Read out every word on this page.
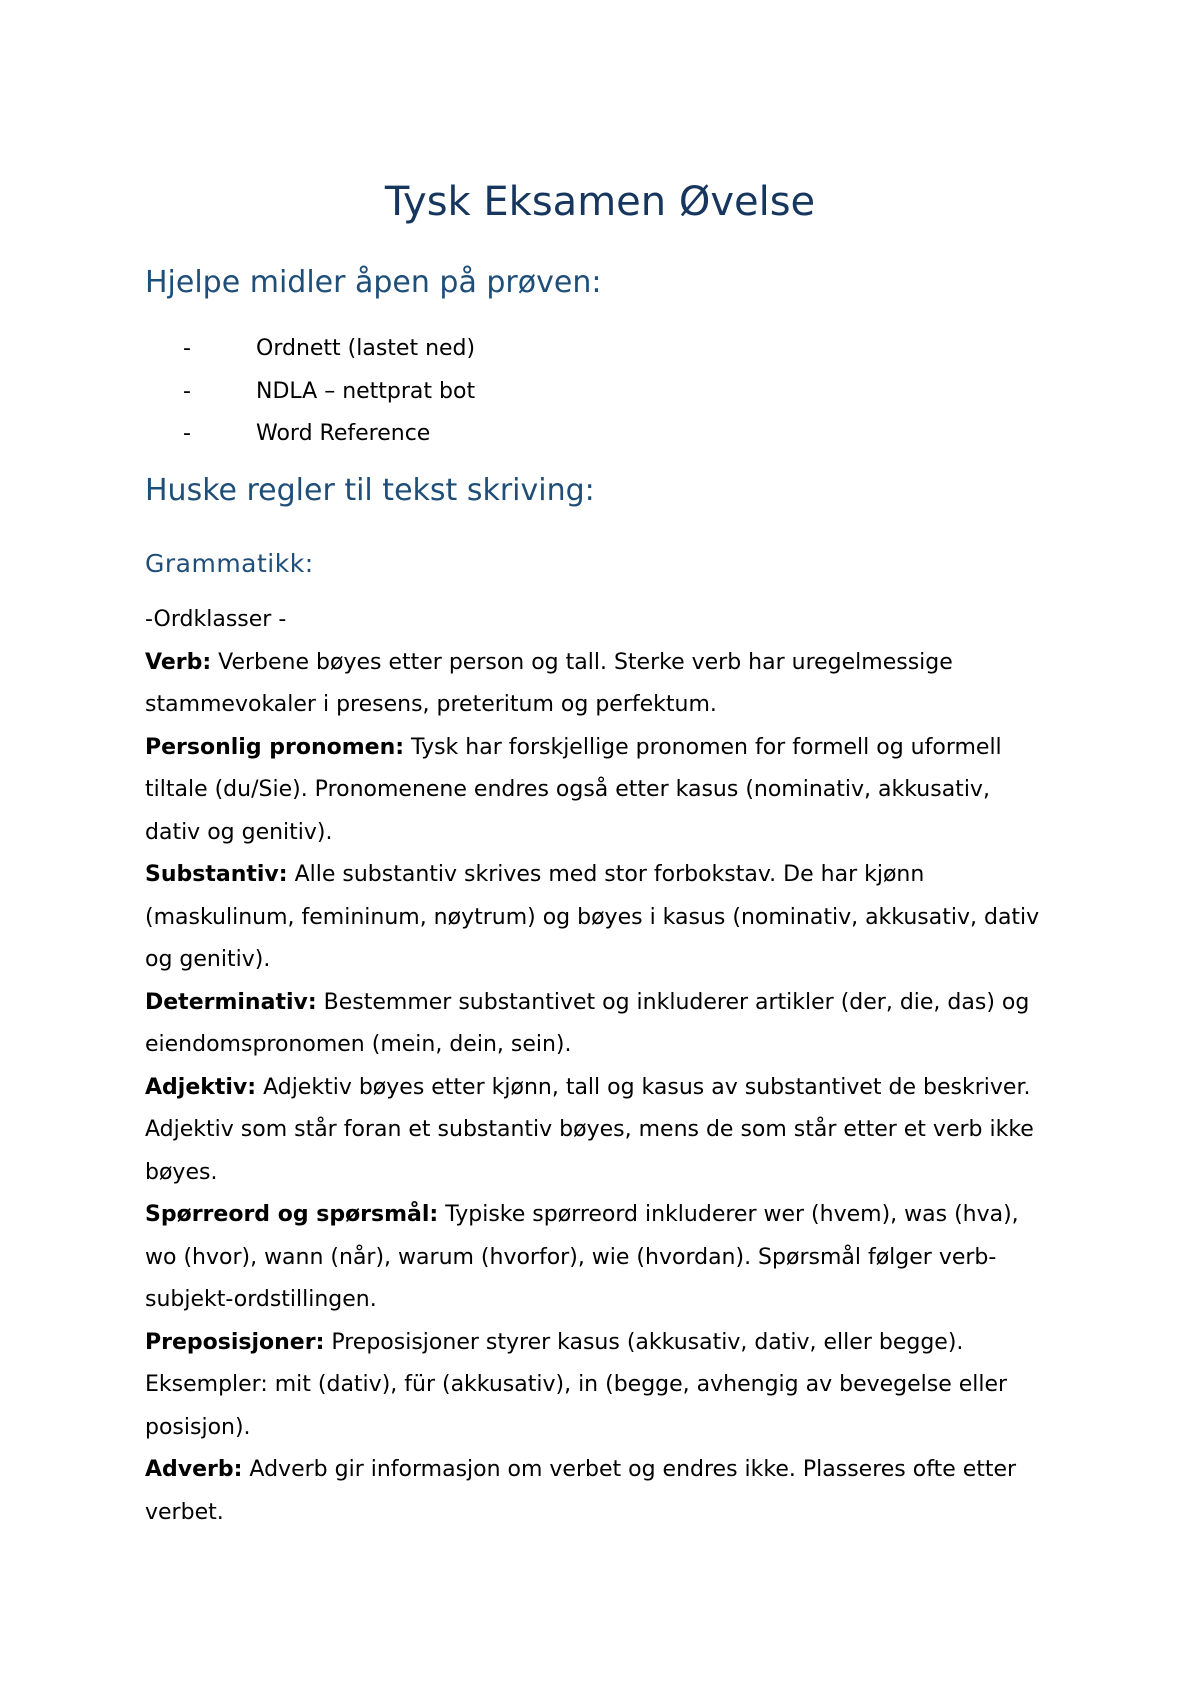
Tysk Eksamen Øvelse
Hjelpe midler åpen på prøven:
-	Ordnett (lastet ned)
-	NDLA – nettprat bot
-	Word Reference
Huske regler til tekst skriving:
Grammatikk:

-Ordklasser -

Verb: Verbene bøyes etter person og tall. Sterke verb har uregelmessige stammevokaler i presens, preteritum og perfektum.

Personlig pronomen: Tysk har forskjellige pronomen for formell og uformell tiltale (du/Sie). Pronomenene endres også etter kasus (nominativ, akkusativ, dativ og genitiv).

Substantiv: Alle substantiv skrives med stor forbokstav. De har kjønn (maskulinum, femininum, nøytrum) og bøyes i kasus (nominativ, akkusativ, dativ og genitiv).

Determinativ: Bestemmer substantivet og inkluderer artikler (der, die, das) og eiendomspronomen (mein, dein, sein).

Adjektiv: Adjektiv bøyes etter kjønn, tall og kasus av substantivet de beskriver. Adjektiv som står foran et substantiv bøyes, mens de som står etter et verb ikke bøyes.

Spørreord og spørsmål: Typiske spørreord inkluderer wer (hvem), was (hva), wo (hvor), wann (når), warum (hvorfor), wie (hvordan). Spørsmål følger verb-subjekt-ordstillingen.

Preposisjoner: Preposisjoner styrer kasus (akkusativ, dativ, eller begge). Eksempler: mit (dativ), für (akkusativ), in (begge, avhengig av bevegelse eller posisjon).

Adverb: Adverb gir informasjon om verbet og endres ikke. Plasseres ofte etter verbet.
